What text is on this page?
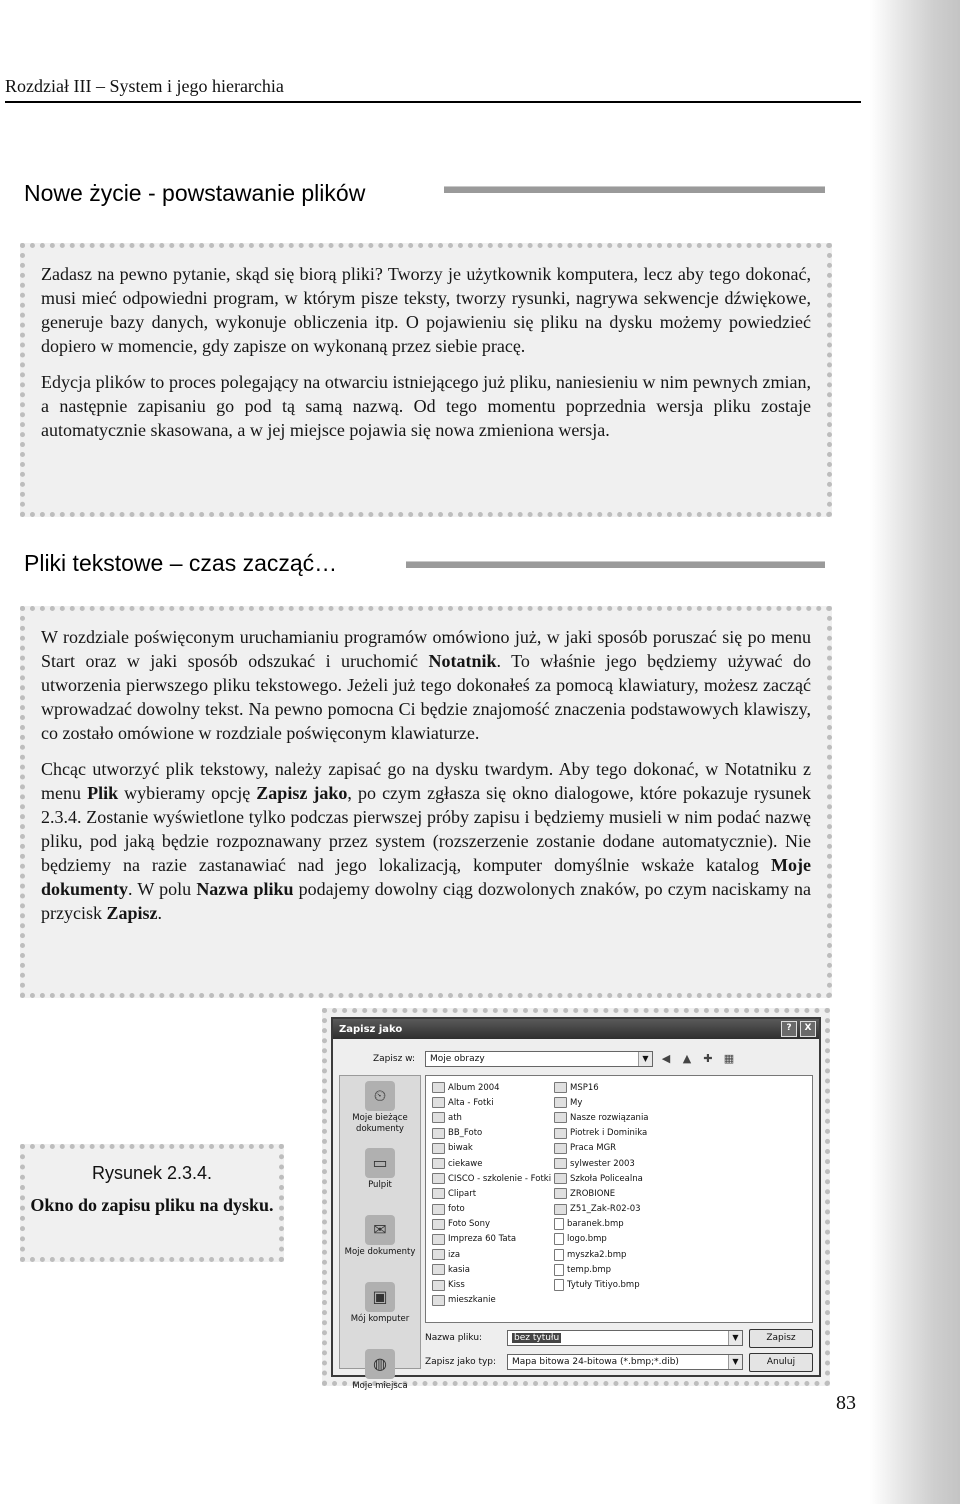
Rozdział III – System i jego hierarchia
Nowe życie - powstawanie plików

Zadasz na pewno pytanie, skąd się biorą pliki? Tworzy je użytkownik komputera, lecz aby tego dokonać, musi mieć odpowiedni program, w którym pisze teksty, tworzy rysunki, nagrywa sekwencje dźwiękowe, generuje bazy danych, wykonuje obliczenia itp. O pojawieniu się pliku na dysku możemy powiedzieć dopiero w momencie, gdy zapisze on wykonaną przez siebie pracę.

Edycja plików to proces polegający na otwarciu istniejącego już pliku, naniesieniu w nim pewnych zmian, a następnie zapisaniu go pod tą samą nazwą. Od tego momentu poprzednia wersja pliku zostaje automatycznie skasowana, a w jej miejsce pojawia się nowa zmieniona wersja.

Pliki tekstowe – czas zacząć…

W rozdziale poświęconym uruchamianiu programów omówiono już, w jaki sposób poruszać się po menu Start oraz w jaki sposób odszukać i uruchomić Notatnik. To właśnie jego będziemy używać do utworzenia pierwszego pliku tekstowego. Jeżeli już tego dokonałeś za pomocą klawiatury, możesz zacząć wprowadzać dowolny tekst. Na pewno pomocna Ci będzie znajomość znaczenia podstawowych klawiszy, co zostało omówione w rozdziale poświęconym klawiaturze.

Chcąc utworzyć plik tekstowy, należy zapisać go na dysku twardym. Aby tego dokonać, w Notatniku z menu Plik wybieramy opcję Zapisz jako, po czym zgłasza się okno dialogowe, które pokazuje rysunek 2.3.4. Zostanie wyświetlone tylko podczas pierwszej próby zapisu i będziemy musieli w nim podać nazwę pliku, pod jaką będzie rozpoznawany przez system (rozszerzenie zostanie dodane automatycznie). Nie będziemy na razie zastanawiać nad jego lokalizacją, komputer domyślnie wskaże katalog Moje dokumenty. W polu Nazwa pliku podajemy dowolny ciąg dozwolonych znaków, po czym naciskamy na przycisk Zapisz.

Rysunek 2.3.4.
Okno do zapisu pliku na dysku.
Zapisz jako	?	X
Zapisz w:	Moje obrazy	▼	◀	▲	✚	▦
⏲
Moje bieżące dokumenty
▭
Pulpit
✉
Moje dokumenty
▣
Mój komputer
◍
Moje miejsca
Album 2004
Alta - Fotki
ath
BB_Foto
biwak
ciekawe
CISCO - szkolenie - Fotki
Clipart
foto
Foto Sony
Impreza 60 Tata
iza
kasia
Kiss
mieszkanie
MSP16
My
Nasze rozwiązania
Piotrek i Dominika
Praca MGR
sylwester 2003
Szkoła Policealna
ZROBIONE
Z51_Zak-R02-03
baranek.bmp
logo.bmp
myszka2.bmp
temp.bmp
Tytuły Titiyo.bmp
Nazwa pliku:	bez tytułu	▼	Zapisz
Zapisz jako typ:	Mapa bitowa 24-bitowa (*.bmp;*.dib)	▼	Anuluj
83
